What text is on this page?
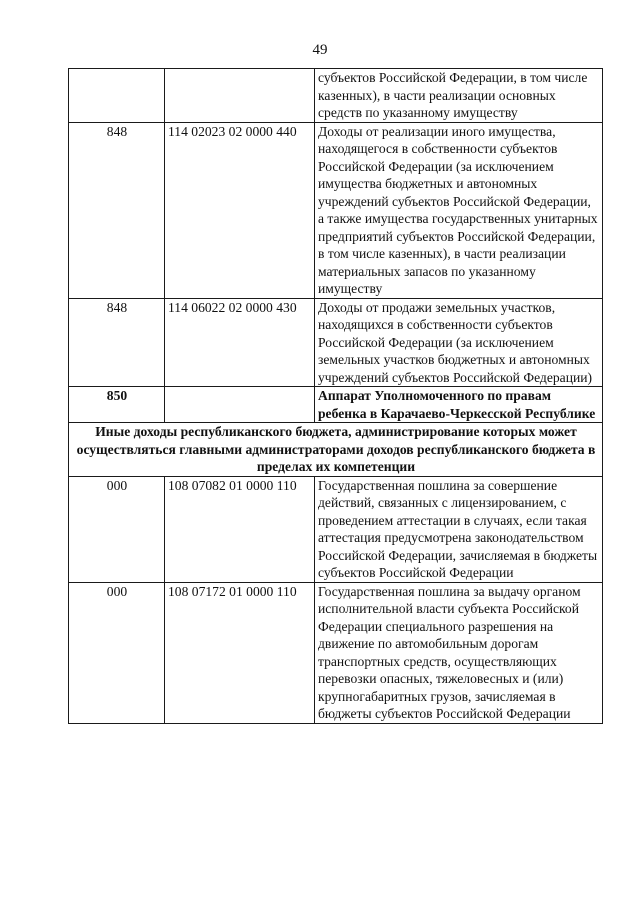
49
		субъектов Российской Федерации, в том числе казенных), в части реализации основных средств по указанному имуществу
848	114 02023 02 0000 440	Доходы от реализации иного имущества, находящегося в собственности субъектов Российской Федерации (за исключением имущества бюджетных и автономных учреждений субъектов Российской Федерации, а также имущества государственных унитарных предприятий субъектов Российской Федерации, в том числе казенных), в части реализации материальных запасов по указанному имуществу
848	114 06022 02 0000 430	Доходы от продажи земельных участков, находящихся в собственности субъектов Российской Федерации (за исключением земельных участков бюджетных и автономных учреждений субъектов Российской Федерации)
850		Аппарат Уполномоченного по правам ребенка в Карачаево-Черкесской Республике
Иные доходы республиканского бюджета, администрирование которых может осуществляться главными администраторами доходов республиканского бюджета в пределах их компетенции		
000	108 07082 01 0000 110	Государственная пошлина за совершение действий, связанных с лицензированием, с проведением аттестации в случаях, если такая аттестация предусмотрена законодательством Российской Федерации, зачисляемая в бюджеты субъектов Российской Федерации
000	108 07172 01 0000 110	Государственная пошлина за выдачу органом исполнительной власти субъекта Российской Федерации специального разрешения на движение по автомобильным дорогам транспортных средств, осуществляющих перевозки опасных, тяжеловесных и (или) крупногабаритных грузов, зачисляемая в бюджеты субъектов Российской Федерации
